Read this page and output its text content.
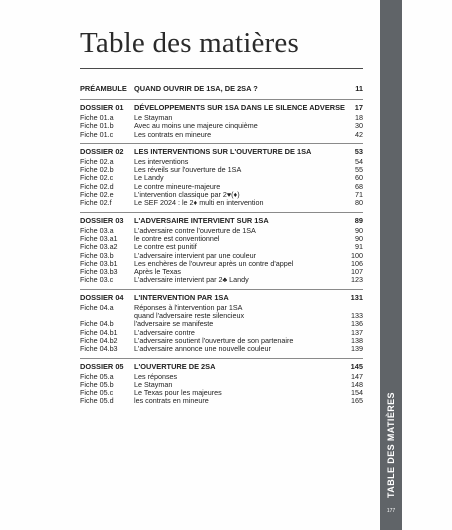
Table des matières
PRÉAMBULE QUAND OUVRIR DE 1SA, DE 2SA ?	11
DOSSIER 01 DÉVELOPPEMENTS SUR 1SA DANS LE SILENCE ADVERSE 17
Fiche 01.a	Le Stayman	18
Fiche 01.b	Avec au moins une majeure cinquième	30
Fiche 01.c	Les contrats en mineure	42
DOSSIER 02 LES INTERVENTIONS SUR L'OUVERTURE DE 1SA	53
Fiche 02.a	Les interventions	54
Fiche 02.b	Les réveils sur l'ouverture de 1SA	55
Fiche 02.c	Le Landy	60
Fiche 02.d	Le contre mineure-majeure	68
Fiche 02.e	L'intervention classique par 2♥(♦)	71
Fiche 02.f	Le SEF 2024 : le 2♦ multi en intervention	80
DOSSIER 03 L'ADVERSAIRE INTERVIENT SUR 1SA	89
Fiche 03.a	L'adversaire contre l'ouverture de 1SA	90
Fiche 03.a1 le contre est conventionnel	90
Fiche 03.a2 Le contre est punitif	91
Fiche 03.b	L'adversaire intervient par une couleur	100
Fiche 03.b1 Les enchères de l'ouvreur après un contre d'appel	106
Fiche 03.b3 Après le Texas	107
Fiche 03.c	L'adversaire intervient par 2♣ Landy	123
DOSSIER 04 L'INTERVENTION PAR 1SA	131
Fiche 04.a	Réponses à l'intervention par 1SA
quand l'adversaire reste silencieux	133
Fiche 04.b	l'adversaire se manifeste	136
Fiche 04.b1 L'adversaire contre	137
Fiche 04.b2 L'adversaire soutient l'ouverture de son partenaire	138
Fiche 04.b3 L'adversaire annonce une nouvelle couleur	139
DOSSIER 05 L'OUVERTURE DE 2SA	145
Fiche 05.a	Les réponses	147
Fiche 05.b	Le Stayman	148
Fiche 05.c	Le Texas pour les majeures	154
Fiche 05.d	les contrats en mineure	165	TABLE DES MATIÈRES
177
